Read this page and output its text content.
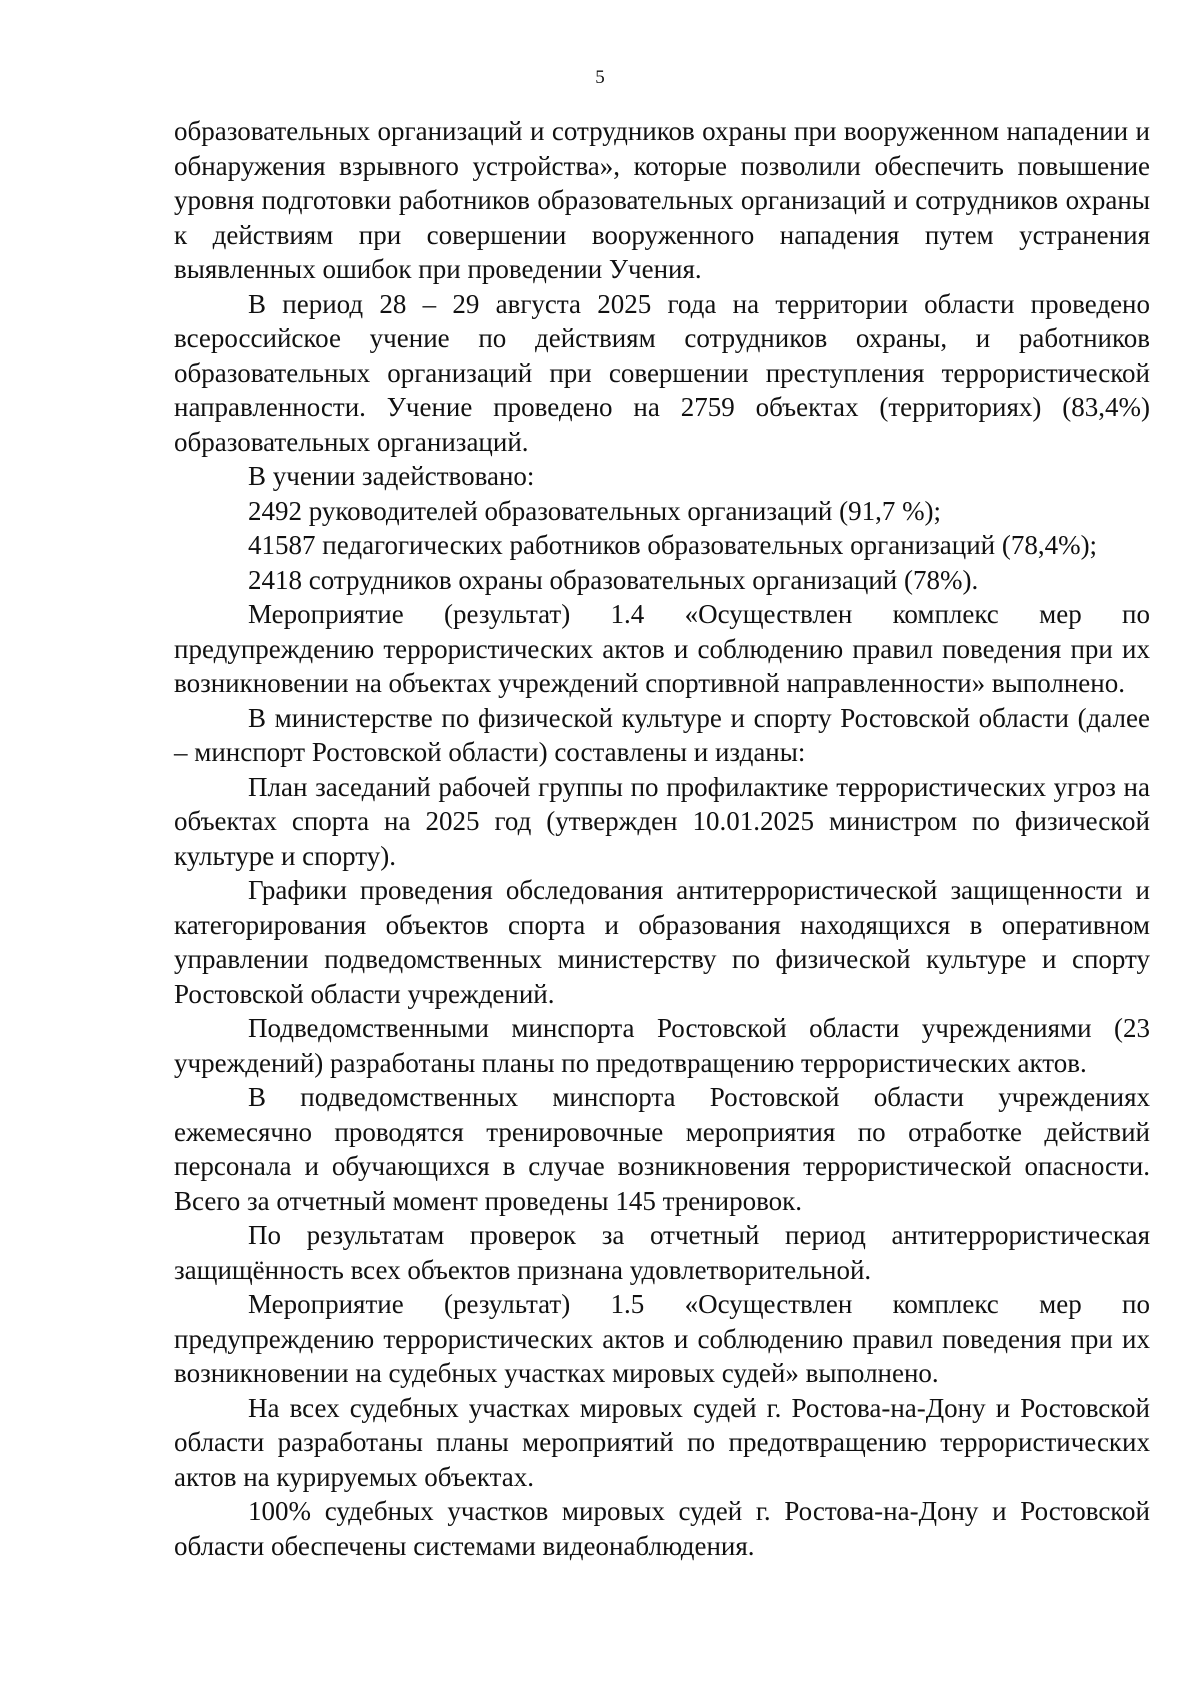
5

образовательных организаций и сотрудников охраны при вооруженном нападении и обнаружения взрывного устройства», которые позволили обеспечить повышение уровня подготовки работников образовательных организаций и сотрудников охраны к действиям при совершении вооруженного нападения путем устранения выявленных ошибок при проведении Учения.

В период 28 – 29 августа 2025 года на территории области проведено всероссийское учение по действиям сотрудников охраны, и работников образовательных организаций при совершении преступления террористической направленности. Учение проведено на 2759 объектах (территориях) (83,4%) образовательных организаций.

В учении задействовано:

2492 руководителей образовательных организаций (91,7 %);

41587 педагогических работников образовательных организаций (78,4%);

2418 сотрудников охраны образовательных организаций (78%).

Мероприятие (результат) 1.4 «Осуществлен комплекс мер по предупреждению террористических актов и соблюдению правил поведения при их возникновении на объектах учреждений спортивной направленности» выполнено.

В министерстве по физической культуре и спорту Ростовской области (далее – минспорт Ростовской области) составлены и изданы:

План заседаний рабочей группы по профилактике террористических угроз на объектах спорта на 2025 год (утвержден 10.01.2025 министром по физической культуре и спорту).

Графики проведения обследования антитеррористической защищенности и категорирования объектов спорта и образования находящихся в оперативном управлении подведомственных министерству по физической культуре и спорту Ростовской области учреждений.

Подведомственными минспорта Ростовской области учреждениями (23 учреждений) разработаны планы по предотвращению террористических актов.

В подведомственных минспорта Ростовской области учреждениях ежемесячно проводятся тренировочные мероприятия по отработке действий персонала и обучающихся в случае возникновения террористической опасности. Всего за отчетный момент проведены 145 тренировок.

По результатам проверок за отчетный период антитеррористическая защищённость всех объектов признана удовлетворительной.

Мероприятие (результат) 1.5 «Осуществлен комплекс мер по предупреждению террористических актов и соблюдению правил поведения при их возникновении на судебных участках мировых судей» выполнено.

На всех судебных участках мировых судей г. Ростова-на-Дону и Ростовской области разработаны планы мероприятий по предотвращению террористических актов на курируемых объектах.

100% судебных участков мировых судей г. Ростова-на-Дону и Ростовской области обеспечены системами видеонаблюдения.
